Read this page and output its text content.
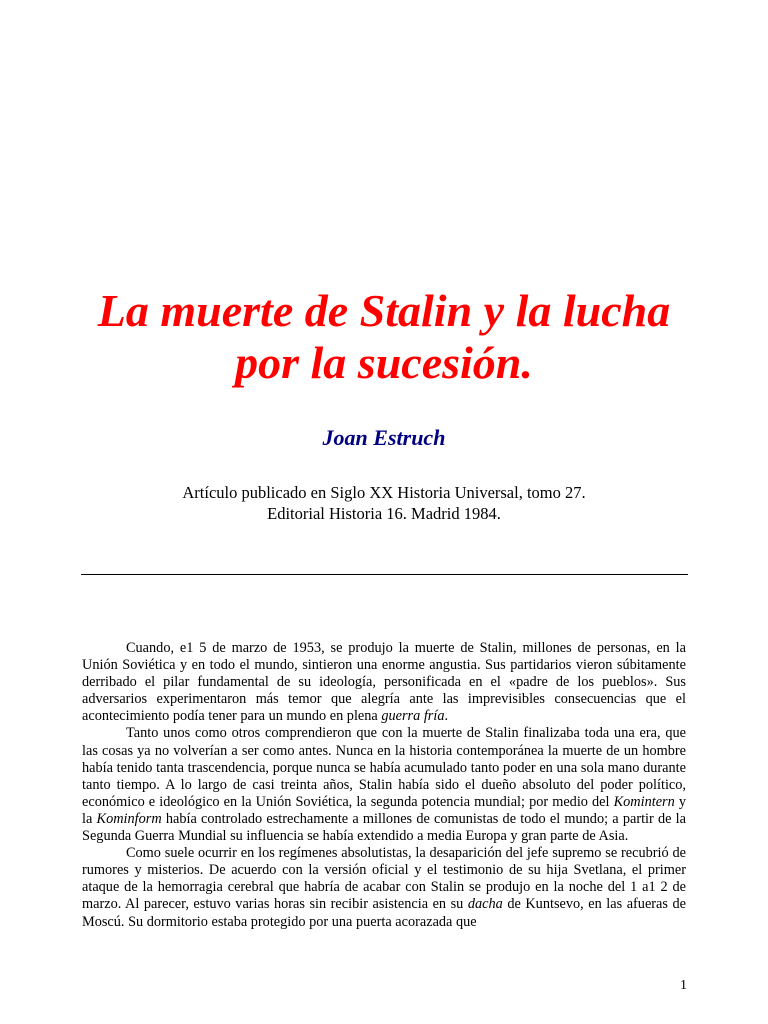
La muerte de Stalin y la lucha
por la sucesión.
Joan Estruch
Artículo publicado en Siglo XX Historia Universal, tomo 27.
Editorial Historia 16. Madrid 1984.

Cuando, e1 5 de marzo de 1953, se produjo la muerte de Stalin, millones de personas, en la Unión Soviética y en todo el mundo, sintieron una enorme angustia. Sus partidarios vieron súbitamente derribado el pilar fundamental de su ideología, personificada en el «padre de los pueblos». Sus adversarios experimentaron más temor que alegría ante las imprevisibles consecuencias que el acontecimiento podía tener para un mundo en plena guerra fría.

Tanto unos como otros comprendieron que con la muerte de Stalin finalizaba toda una era, que las cosas ya no volverían a ser como antes. Nunca en la historia contemporánea la muerte de un hombre había tenido tanta trascendencia, porque nunca se había acumulado tanto poder en una sola mano durante tanto tiempo. A lo largo de casi treinta años, Stalin había sido el dueño absoluto del poder político, económico e ideológico en la Unión Soviética, la segunda potencia mundial; por medio del Komintern y la Kominform había controlado estrechamente a millones de comunistas de todo el mundo; a partir de la Segunda Guerra Mundial su influencia se había extendido a media Europa y gran parte de Asia.

Como suele ocurrir en los regímenes absolutistas, la desaparición del jefe supremo se recubrió de rumores y misterios. De acuerdo con la versión oficial y el testimonio de su hija Svetlana, el primer ataque de la hemorragia cerebral que habría de acabar con Stalin se produjo en la noche del 1 a1 2 de marzo. Al parecer, estuvo varias horas sin recibir asistencia en su dacha de Kuntsevo, en las afueras de Moscú. Su dormitorio estaba protegido por una puerta acorazada que

1
